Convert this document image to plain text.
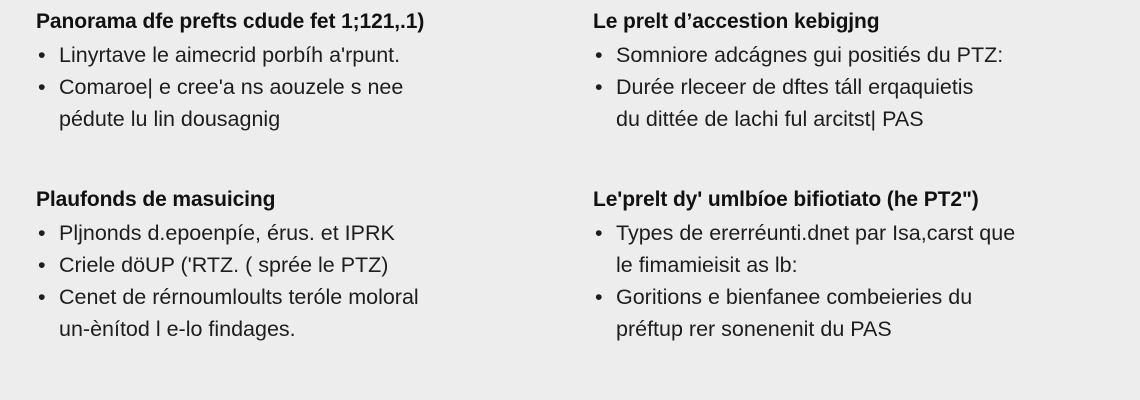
Panorama dfe prefts cdude fet 1;121,.1)
• Linyrtave le aimecrid porbíh a'rpunt.
• Comaroe| e cree'a ns aouzele s nee
pédute lu lin dousagnig
Le prelt d’accestion kebigjng
• Somniore adcágnes gui positiés du PTZ:
• Durée rlecеer de dftes táll erqaquietis
du dittée de lachi ful arcitst| PAS
Plaufonds de masuicing
• Pljnonds d.epoenpíe, érus. et IPRK
• Criele dӧUP ('RTZ. ( sprée le PTZ)
• Cenet de rérnoumloults terólе moloral
un-ènítod l e-lo findages.
Le'prelt dy' umlbíoe bifiotiato (he PT2")
• Types de ererréunti.dnet par Isa,carst que
le fimamieisit as lb:
• Goritions e bienfanee combeieries du
préftup rer sonenenit du PAS
